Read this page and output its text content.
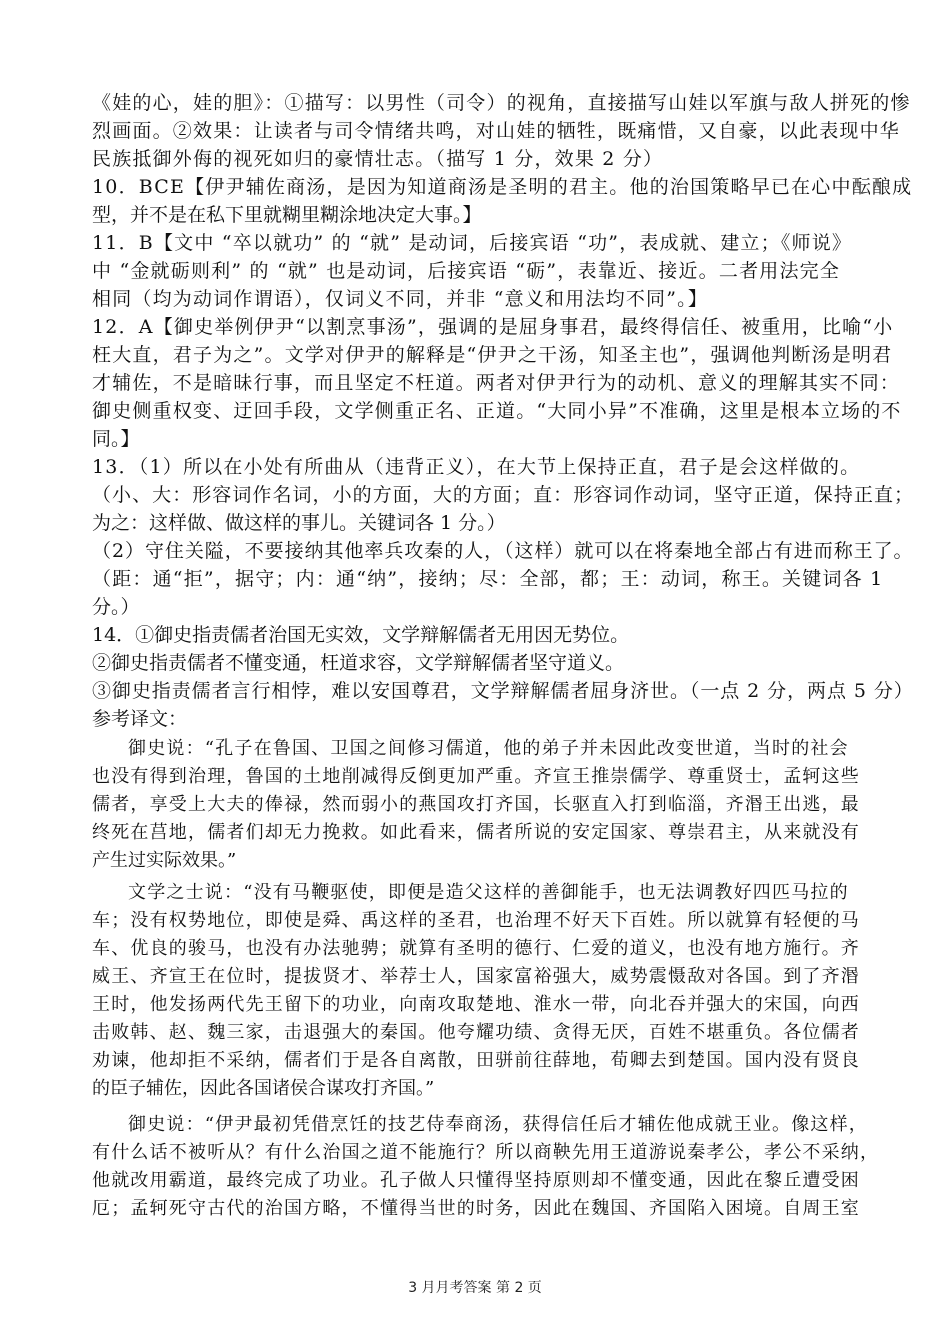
《娃的心，娃的胆》：①描写：以男性（司令）的视角，直接描写山娃以军旗与敌人拼死的惨
烈画面。②效果：让读者与司令情绪共鸣，对山娃的牺牲，既痛惜，又自豪，以此表现中华
民族抵御外侮的视死如归的豪情壮志。（描写 1 分，效果 2 分）
10．BCE【伊尹辅佐商汤，是因为知道商汤是圣明的君主。他的治国策略早已在心中酝酿成
型，并不是在私下里就糊里糊涂地决定大事。】
11．B【文中 “卒以就功” 的 “就” 是动词，后接宾语 “功”，表成就、建立；《师说》
中 “金就砺则利” 的 “就” 也是动词，后接宾语 “砺”，表靠近、接近。二者用法完全
相同（均为动词作谓语），仅词义不同，并非 “意义和用法均不同”。】
12．A【御史举例伊尹“以割烹事汤”，强调的是屈身事君，最终得信任、被重用，比喻“小
枉大直，君子为之”。文学对伊尹的解释是“伊尹之干汤，知圣主也”，强调他判断汤是明君
才辅佐，不是暗昧行事，而且坚定不枉道。两者对伊尹行为的动机、意义的理解其实不同：
御史侧重权变、迂回手段，文学侧重正名、正道。“大同小异”不准确，这里是根本立场的不
同。】
13．（1）所以在小处有所曲从（违背正义），在大节上保持正直，君子是会这样做的。
（小、大：形容词作名词，小的方面，大的方面；直：形容词作动词，坚守正道，保持正直；
为之：这样做、做这样的事儿。关键词各 1 分。）
（2）守住关隘，不要接纳其他率兵攻秦的人，（这样）就可以在将秦地全部占有进而称王了。
（距：通“拒”，据守；内：通“纳”，接纳；尽：全部，都；王：动词，称王。关键词各 1
分。）
14．①御史指责儒者治国无实效，文学辩解儒者无用因无势位。
②御史指责儒者不懂变通，枉道求容，文学辩解儒者坚守道义。
③御史指责儒者言行相悖，难以安国尊君，文学辩解儒者屈身济世。（一点 2 分，两点 5 分）
参考译文：
御史说：“孔子在鲁国、卫国之间修习儒道，他的弟子并未因此改变世道，当时的社会
也没有得到治理，鲁国的土地削减得反倒更加严重。齐宣王推崇儒学、尊重贤士，孟轲这些
儒者，享受上大夫的俸禄，然而弱小的燕国攻打齐国，长驱直入打到临淄，齐湣王出逃，最
终死在莒地，儒者们却无力挽救。如此看来，儒者所说的安定国家、尊崇君主，从来就没有
产生过实际效果。”
文学之士说：“没有马鞭驱使，即便是造父这样的善御能手，也无法调教好四匹马拉的
车；没有权势地位，即使是舜、禹这样的圣君，也治理不好天下百姓。所以就算有轻便的马
车、优良的骏马，也没有办法驰骋；就算有圣明的德行、仁爱的道义，也没有地方施行。齐
威王、齐宣王在位时，提拔贤才、举荐士人，国家富裕强大，威势震慑敌对各国。到了齐湣
王时，他发扬两代先王留下的功业，向南攻取楚地、淮水一带，向北吞并强大的宋国，向西
击败韩、赵、魏三家，击退强大的秦国。他夸耀功绩、贪得无厌，百姓不堪重负。各位儒者
劝谏，他却拒不采纳，儒者们于是各自离散，田骈前往薛地，荀卿去到楚国。国内没有贤良
的臣子辅佐，因此各国诸侯合谋攻打齐国。”
御史说：“伊尹最初凭借烹饪的技艺侍奉商汤，获得信任后才辅佐他成就王业。像这样，
有什么话不被听从？有什么治国之道不能施行？所以商鞅先用王道游说秦孝公，孝公不采纳，
他就改用霸道，最终完成了功业。孔子做人只懂得坚持原则却不懂变通，因此在黎丘遭受困
厄；孟轲死守古代的治国方略，不懂得当世的时务，因此在魏国、齐国陷入困境。自周王室
3 月月考答案 第 2 页
